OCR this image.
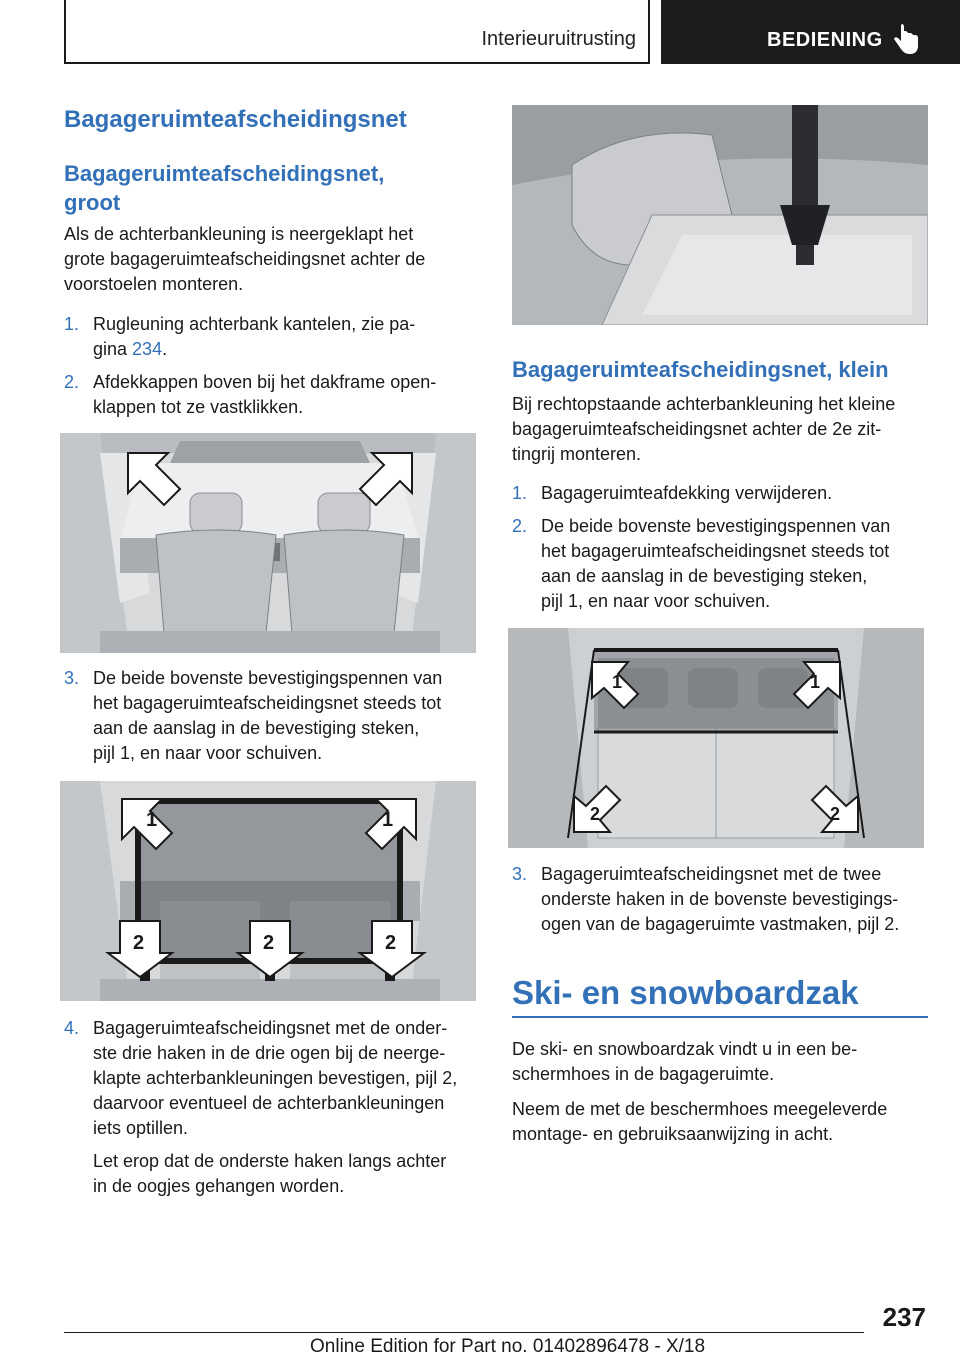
Interieuruitrusting	BEDIENING
Bagageruimteafscheidingsnet
Bagageruimteafscheidingsnet,
groot
Als de achterbankleuning is neergeklapt het
grote bagageruimteafscheidingsnet achter de
voorstoelen monteren.
1. Rugleuning achterbank kantelen, zie pa-
gina 234.
2. Afdekkappen boven bij het dakframe open-
klappen tot ze vastklikken.
3. De beide bovenste bevestigingspennen van
het bagageruimteafscheidingsnet steeds tot
aan de aanslag in de bevestiging steken,
pijl 1, en naar voor schuiven.
1	1
2	2	2
4. Bagageruimteafscheidingsnet met de onder-
ste drie haken in de drie ogen bij de neerge-
klapte achterbankleuningen bevestigen, pijl 2,
daarvoor eventueel de achterbankleuningen
iets optillen.
Let erop dat de onderste haken langs achter
in de oogjes gehangen worden.
Bagageruimteafscheidingsnet, klein
Bij rechtopstaande achterbankleuning het kleine
bagageruimteafscheidingsnet achter de 2e zit-
tingrij monteren.
1. Bagageruimteafdekking verwijderen.
2. De beide bovenste bevestigingspennen van
het bagageruimteafscheidingsnet steeds tot
aan de aanslag in de bevestiging steken,
pijl 1, en naar voor schuiven.
1	1
2	2
3. Bagageruimteafscheidingsnet met de twee
onderste haken in de bovenste bevestigings-
ogen van de bagageruimte vastmaken, pijl 2.
Ski- en snowboardzak
De ski- en snowboardzak vindt u in een be-
schermhoes in de bagageruimte.
Neem de met de beschermhoes meegeleverde
montage- en gebruiksaanwijzing in acht.
237
Online Edition for Part no. 01402896478 - X/18
